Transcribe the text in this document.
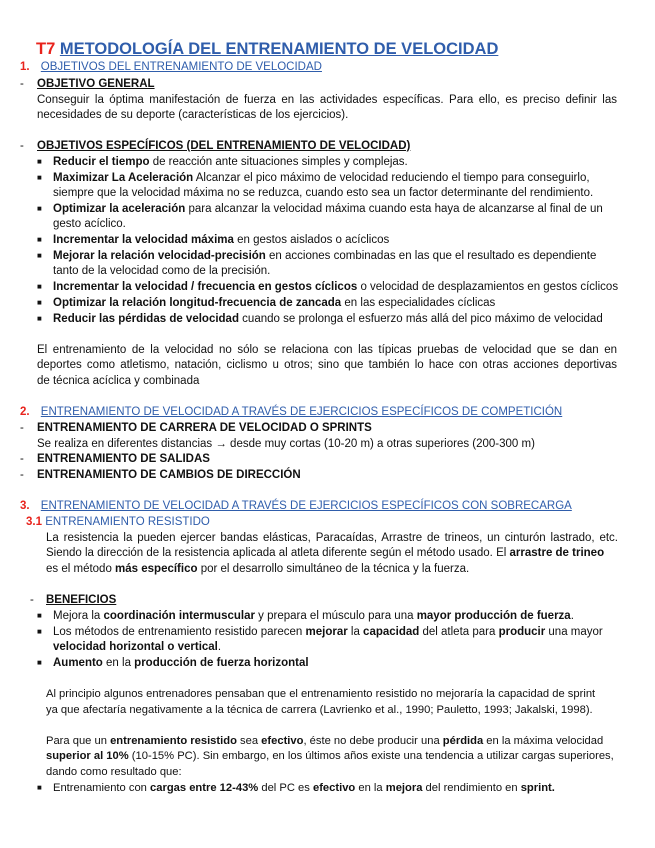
T7 METODOLOGÍA DEL ENTRENAMIENTO DE VELOCIDAD
1. OBJETIVOS DEL ENTRENAMIENTO DE VELOCIDAD
- OBJETIVO GENERAL
Conseguir la óptima manifestación de fuerza en las actividades específicas. Para ello, es preciso definir las
necesidades de su deporte (características de los ejercicios).
- OBJETIVOS ESPECÍFICOS (DEL ENTRENAMIENTO DE VELOCIDAD)
■ Reducir el tiempo de reacción ante situaciones simples y complejas.
■ Maximizar La Aceleración Alcanzar el pico máximo de velocidad reduciendo el tiempo para conseguirlo,
siempre que la velocidad máxima no se reduzca, cuando esto sea un factor determinante del rendimiento.
■ Optimizar la aceleración para alcanzar la velocidad máxima cuando esta haya de alcanzarse al final de un
gesto acíclico.
■ Incrementar la velocidad máxima en gestos aislados o acíclicos
■ Mejorar la relación velocidad-precisión en acciones combinadas en las que el resultado es dependiente
tanto de la velocidad como de la precisión.
■ Incrementar la velocidad / frecuencia en gestos cíclicos o velocidad de desplazamientos en gestos cíclicos
■ Optimizar la relación longitud-frecuencia de zancada en las especialidades cíclicas
■ Reducir las pérdidas de velocidad cuando se prolonga el esfuerzo más allá del pico máximo de velocidad
El entrenamiento de la velocidad no sólo se relaciona con las típicas pruebas de velocidad que se dan en
deportes como atletismo, natación, ciclismo u otros; sino que también lo hace con otras acciones deportivas
de técnica acíclica y combinada
2. ENTRENAMIENTO DE VELOCIDAD A TRAVÉS DE EJERCICIOS ESPECÍFICOS DE COMPETICIÓN
- ENTRENAMIENTO DE CARRERA DE VELOCIDAD O SPRINTS
Se realiza en diferentes distancias → desde muy cortas (10-20 m) a otras superiores (200-300 m)
- ENTRENAMIENTO DE SALIDAS
- ENTRENAMIENTO DE CAMBIOS DE DIRECCIÓN
3. ENTRENAMIENTO DE VELOCIDAD A TRAVÉS DE EJERCICIOS ESPECÍFICOS CON SOBRECARGA
3.1 ENTRENAMIENTO RESISTIDO
La resistencia la pueden ejercer bandas elásticas, Paracaídas, Arrastre de trineos, un cinturón lastrado, etc.
Siendo la dirección de la resistencia aplicada al atleta diferente según el método usado. El arrastre de trineo
es el método más específico por el desarrollo simultáneo de la técnica y la fuerza.
- BENEFICIOS
■ Mejora la coordinación intermuscular y prepara el músculo para una mayor producción de fuerza.
■ Los métodos de entrenamiento resistido parecen mejorar la capacidad del atleta para producir una mayor
velocidad horizontal o vertical.
■ Aumento en la producción de fuerza horizontal
Al principio algunos entrenadores pensaban que el entrenamiento resistido no mejoraría la capacidad de sprint
ya que afectaría negativamente a la técnica de carrera (Lavrienko et al., 1990; Pauletto, 1993; Jakalski, 1998).
Para que un entrenamiento resistido sea efectivo, éste no debe producir una pérdida en la máxima velocidad
superior al 10% (10-15% PC). Sin embargo, en los últimos años existe una tendencia a utilizar cargas superiores,
dando como resultado que:
■ Entrenamiento con cargas entre 12-43% del PC es efectivo en la mejora del rendimiento en sprint.
